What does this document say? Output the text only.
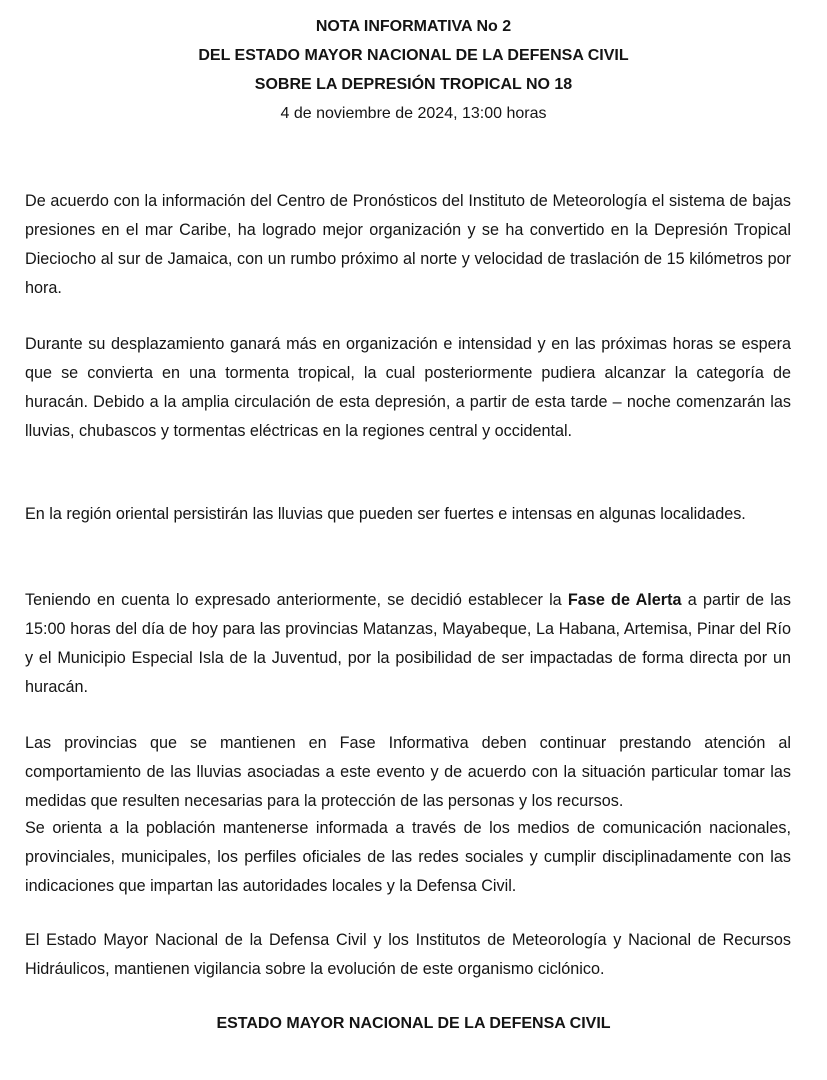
NOTA INFORMATIVA No 2
DEL ESTADO MAYOR NACIONAL DE LA DEFENSA CIVIL
SOBRE LA DEPRESIÓN TROPICAL NO 18
4 de noviembre de 2024, 13:00 horas

De acuerdo con la información del Centro de Pronósticos del Instituto de Meteorología el sistema de bajas presiones en el mar Caribe, ha logrado mejor organización y se ha convertido en la Depresión Tropical Dieciocho al sur de Jamaica, con un rumbo próximo al norte y velocidad de traslación de 15 kilómetros por hora.

Durante su desplazamiento ganará más en organización e intensidad y en las próximas horas se espera que se convierta en una tormenta tropical, la cual posteriormente pudiera alcanzar la categoría de huracán. Debido a la amplia circulación de esta depresión, a partir de esta tarde – noche comenzarán las lluvias, chubascos y tormentas eléctricas en la regiones central y occidental.

En la región oriental persistirán las lluvias que pueden ser fuertes e intensas en algunas localidades.

Teniendo en cuenta lo expresado anteriormente, se decidió establecer la Fase de Alerta a partir de las 15:00 horas del día de hoy para las provincias Matanzas, Mayabeque, La Habana, Artemisa, Pinar del Río y el Municipio Especial Isla de la Juventud, por la posibilidad de ser impactadas de forma directa por un huracán.

Las provincias que se mantienen en Fase Informativa deben continuar prestando atención al comportamiento de las lluvias asociadas a este evento y de acuerdo con la situación particular tomar las medidas que resulten necesarias para la protección de las personas y los recursos.

Se orienta a la población mantenerse informada a través de los medios de comunicación nacionales, provinciales, municipales, los perfiles oficiales de las redes sociales y cumplir disciplinadamente con las indicaciones que impartan las autoridades locales y la Defensa Civil.

El Estado Mayor Nacional de la Defensa Civil y los Institutos de Meteorología y Nacional de Recursos Hidráulicos, mantienen vigilancia sobre la evolución de este organismo ciclónico.

ESTADO MAYOR NACIONAL DE LA DEFENSA CIVIL
